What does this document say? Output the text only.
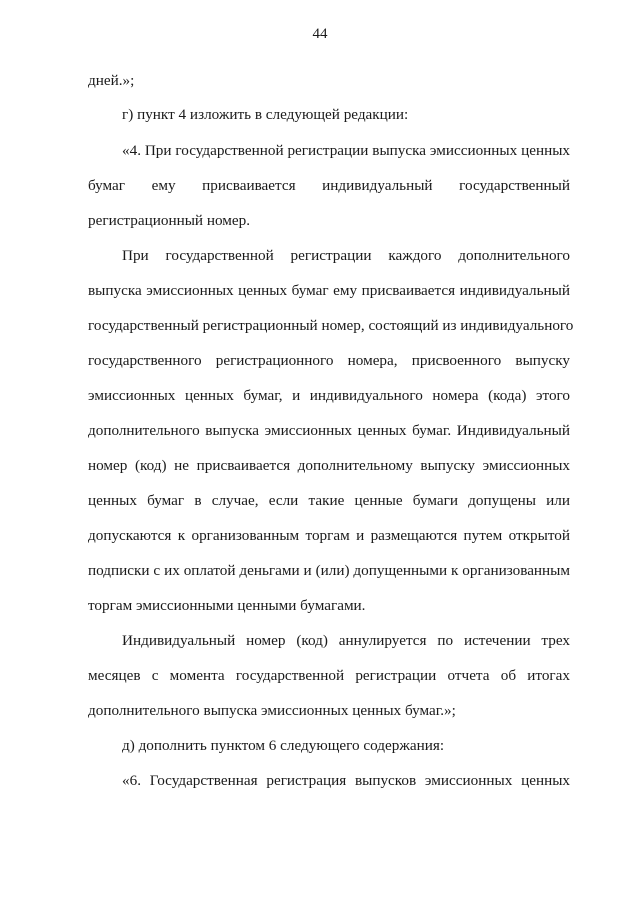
44
дней.»;
г) пункт 4 изложить в следующей редакции:
«4. При государственной регистрации выпуска эмиссионных ценных
бумаг ему присваивается индивидуальный государственный
регистрационный номер.
При государственной регистрации каждого дополнительного
выпуска эмиссионных ценных бумаг ему присваивается индивидуальный
государственный регистрационный номер, состоящий из индивидуального
государственного регистрационного номера, присвоенного выпуску
эмиссионных ценных бумаг, и индивидуального номера (кода) этого
дополнительного выпуска эмиссионных ценных бумаг. Индивидуальный
номер (код) не присваивается дополнительному выпуску эмиссионных
ценных бумаг в случае, если такие ценные бумаги допущены или
допускаются к организованным торгам и размещаются путем открытой
подписки с их оплатой деньгами и (или) допущенными к организованным
торгам эмиссионными ценными бумагами.
Индивидуальный номер (код) аннулируется по истечении трех
месяцев с момента государственной регистрации отчета об итогах
дополнительного выпуска эмиссионных ценных бумаг.»;
д) дополнить пунктом 6 следующего содержания:
«6. Государственная регистрация выпусков эмиссионных ценных
